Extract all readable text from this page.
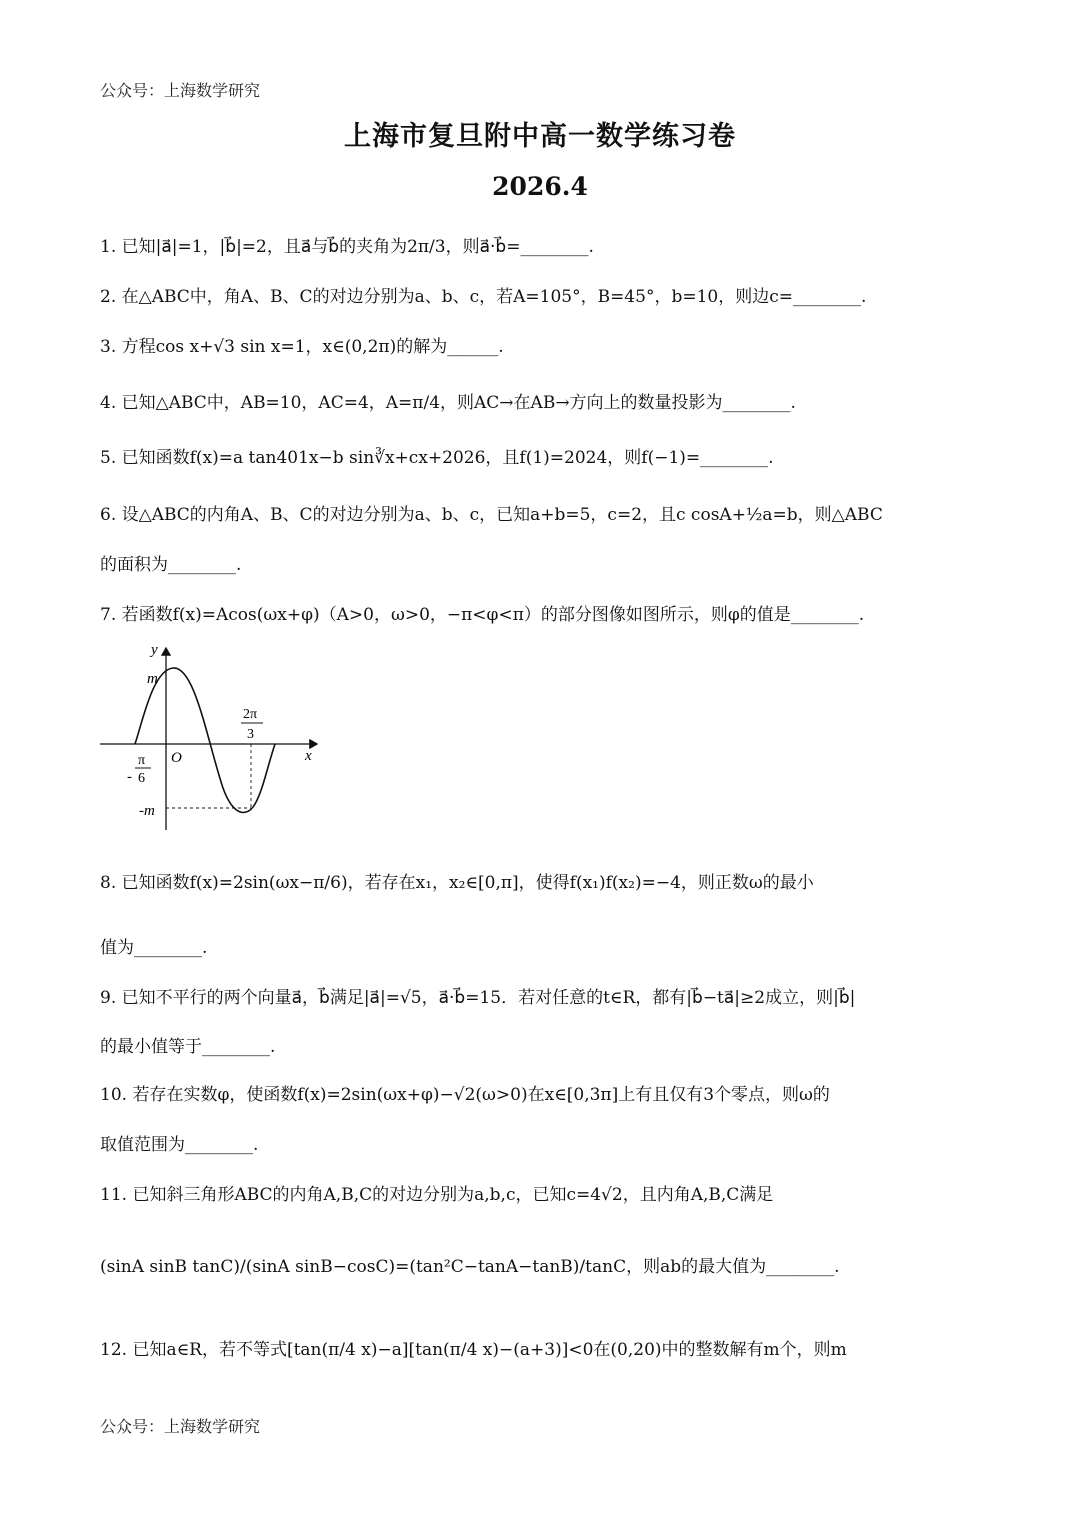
公众号：上海数学研究
上海市复旦附中高一数学练习卷
2026.4
1. 已知|a⃗|=1，|b⃗|=2，且a⃗与b⃗的夹角为2π/3，则a⃗·b⃗=________.
2. 在△ABC中，角A、B、C的对边分别为a、b、c，若A=105°，B=45°，b=10，则边c=________.
3. 方程cos x+√3 sin x=1，x∈(0,2π)的解为______.
4. 已知△ABC中，AB=10，AC=4，A=π/4，则AC→在AB→方向上的数量投影为________.
5. 已知函数f(x)=a tan401x−b sin∛x+cx+2026，且f(1)=2024，则f(−1)=________.
6. 设△ABC的内角A、B、C的对边分别为a、b、c，已知a+b=5，c=2，且c cosA+½a=b，则△ABC
的面积为________.
7. 若函数f(x)=Acos(ωx+φ)（A>0，ω>0，−π<φ<π）的部分图像如图所示，则φ的值是________.
y
x
O
m
-m
-
π
6
2π
3
8. 已知函数f(x)=2sin(ωx−π/6)，若存在x₁，x₂∈[0,π]，使得f(x₁)f(x₂)=−4，则正数ω的最小
值为________.
9. 已知不平行的两个向量a⃗，b⃗满足|a⃗|=√5，a⃗·b⃗=15．若对任意的t∈R，都有|b⃗−ta⃗|≥2成立，则|b⃗|
的最小值等于________.
10. 若存在实数φ，使函数f(x)=2sin(ωx+φ)−√2(ω>0)在x∈[0,3π]上有且仅有3个零点，则ω的
取值范围为________.
11. 已知斜三角形ABC的内角A,B,C的对边分别为a,b,c，已知c=4√2，且内角A,B,C满足
(sinA sinB tanC)/(sinA sinB−cosC)=(tan²C−tanA−tanB)/tanC，则ab的最大值为________.
12. 已知a∈R，若不等式[tan(π/4 x)−a][tan(π/4 x)−(a+3)]<0在(0,20)中的整数解有m个，则m
公众号：上海数学研究
